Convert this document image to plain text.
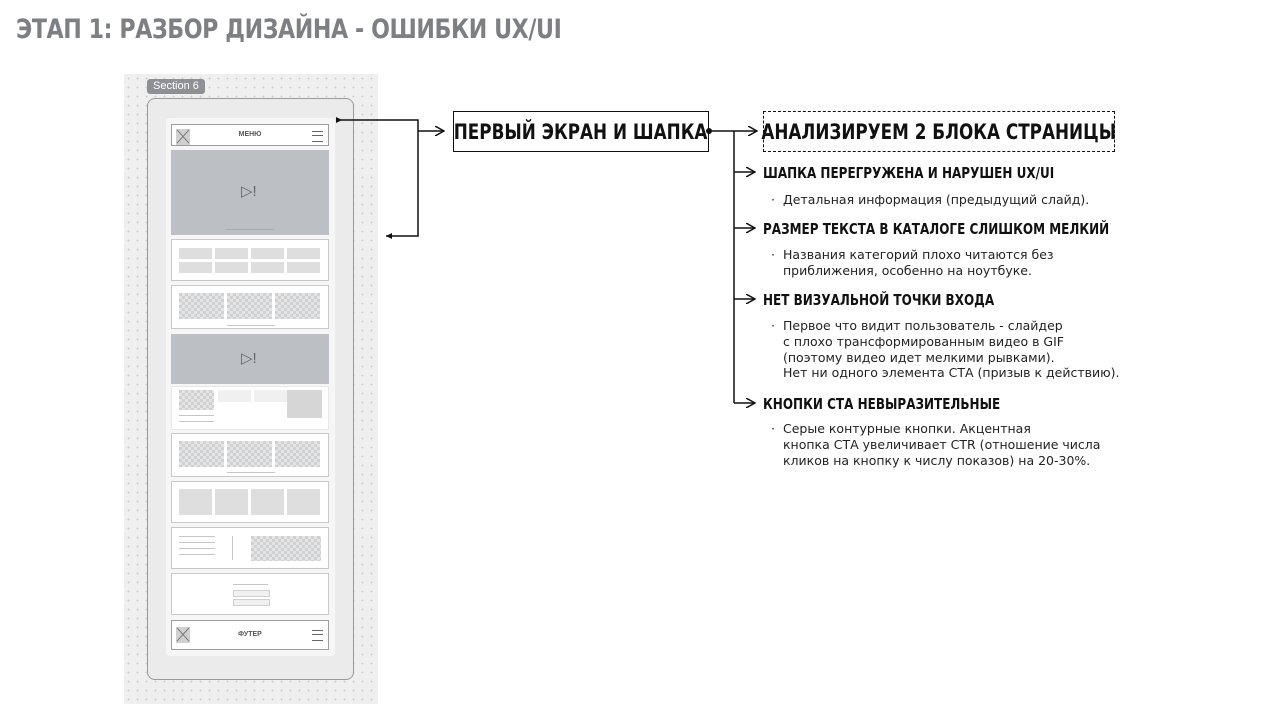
ЭТАП 1: РАЗБОР ДИЗАЙНА - ОШИБКИ UX/UI
Section 6
МЕНЮ
▷!
▷!
ФУТЕР
ПЕРВЫЙ ЭКРАН И ШАПКА	АНАЛИЗИРУЕМ 2 БЛОКА СТРАНИЦЫ
ШАПКА ПЕРЕГРУЖЕНА И НАРУШЕН UX/UI
· Детальная информация (предыдущий слайд).
РАЗМЕР ТЕКСТА В КАТАЛОГЕ СЛИШКОМ МЕЛКИЙ
· Названия категорий плохо читаются без
приближения, особенно на ноутбуке.
НЕТ ВИЗУАЛЬНОЙ ТОЧКИ ВХОДА
· Первое что видит пользователь - слайдер
с плохо трансформированным видео в GIF
(поэтому видео идет мелкими рывками).
Нет ни одного элемента СТА (призыв к действию).
КНОПКИ СТА НЕВЫРАЗИТЕЛЬНЫЕ
· Серые контурные кнопки. Акцентная
кнопка СТА увеличивает CTR (отношение числа
кликов на кнопку к числу показов) на 20-30%.
